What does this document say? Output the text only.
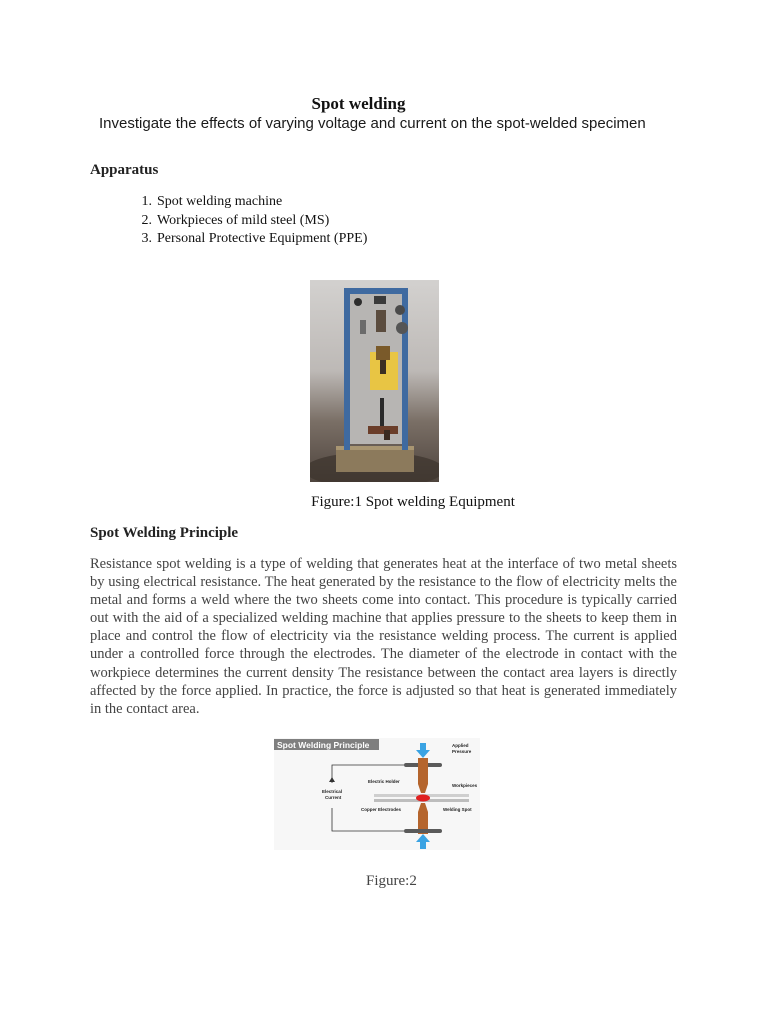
Spot welding
Investigate the effects of varying voltage and current on the spot-welded specimen
Apparatus
1. Spot welding machine
2. Workpieces of mild steel (MS)
3. Personal Protective Equipment (PPE)
Figure:1 Spot welding Equipment
Spot Welding Principle
Resistance spot welding is a type of welding that generates heat at the interface of two metal sheets by using electrical resistance. The heat generated by the resistance to the flow of electricity melts the metal and forms a weld where the two sheets come into contact. This procedure is typically carried out with the aid of a specialized welding machine that applies pressure to the sheets to keep them in place and control the flow of electricity via the resistance welding process. The current is applied under a controlled force through the electrodes. The diameter of the electrode in contact with the workpiece determines the current density The resistance between the contact area layers is directly affected by the force applied. In practice, the force is adjusted so that heat is generated immediately in the contact area.
Spot Welding Principle	Applied
Pressure
Electric Holder
Workpieces
Electrical
Current
Copper Electrodes	Welding Spot
Figure:2
